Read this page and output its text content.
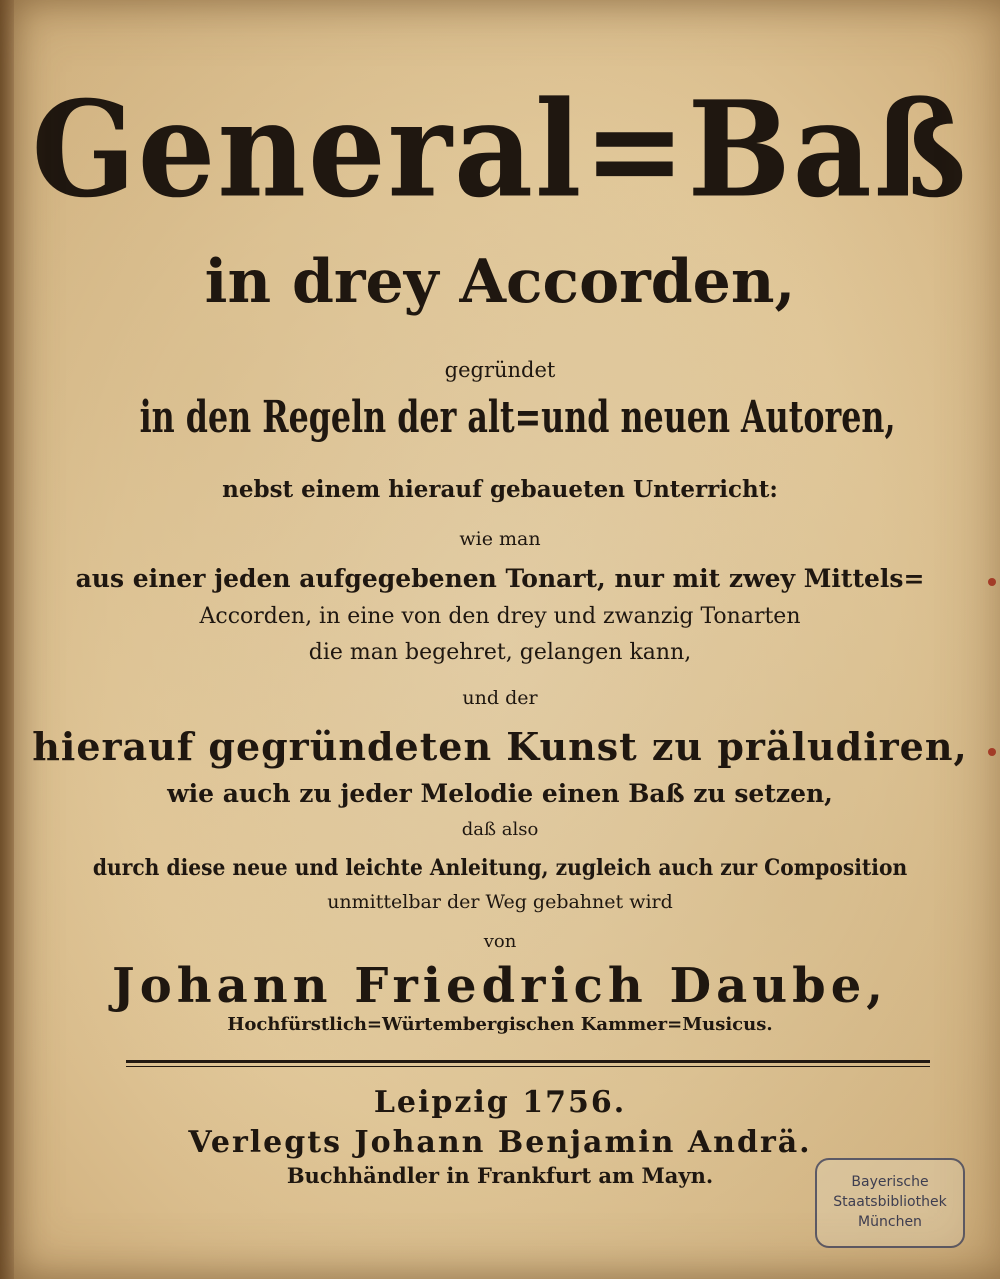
General=Baß
in drey Accorden,
gegründet
in den Regeln der alt=und neuen Autoren,
nebst einem hierauf gebaueten Unterricht:
wie man
aus einer jeden aufgegebenen Tonart, nur mit zwey Mittels=
Accorden, in eine von den drey und zwanzig Tonarten
die man begehret, gelangen kann,
und der
hierauf gegründeten Kunst zu präludiren,
wie auch zu jeder Melodie einen Baß zu setzen,
daß also
durch diese neue und leichte Anleitung, zugleich auch zur Composition
unmittelbar der Weg gebahnet wird
von
Johann Friedrich Daube,
Hochfürstlich=Würtembergischen Kammer=Musicus.
Leipzig 1756.
Verlegts Johann Benjamin Andrä.
Buchhändler in Frankfurt am Mayn.	Bayerische
Staatsbibliothek
München
